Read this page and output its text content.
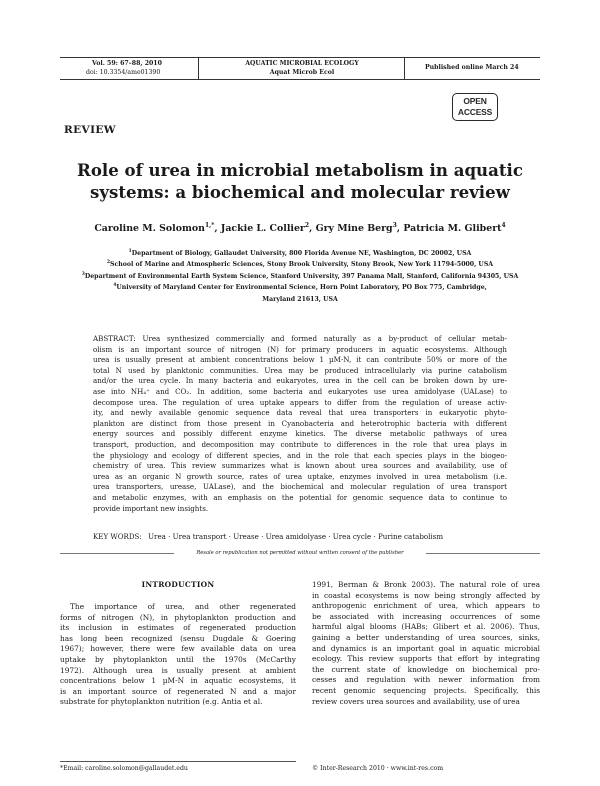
Vol. 59: 67–88, 2010
doi: 10.3354/ame01390
AQUATIC MICROBIAL ECOLOGY
Aquat Microb Ecol
Published online March 24
OPEN
ACCESS
REVIEW
Role of urea in microbial metabolism in aquatic
systems: a biochemical and molecular review
Caroline M. Solomon$^{1,*}$, Jackie L. Collier$^2$, Gry Mine Berg$^3$, Patricia M. Glibert$^4$
$^1$Department of Biology, Gallaudet University, 800 Florida Avenue NE, Washington, DC 20002, USA
$^2$School of Marine and Atmospheric Sciences, Stony Brook University, Stony Brook, New York 11794-5000, USA
$^3$Department of Environmental Earth System Science, Stanford University, 397 Panama Mall, Stanford, California 94305, USA
$^4$University of Maryland Center for Environmental Science, Horn Point Laboratory, PO Box 775, Cambridge,
Maryland 21613, USA
ABSTRACT: Urea synthesized commercially and formed naturally as a by-product of cellular metab-
olism is an important source of nitrogen (N) for primary producers in aquatic ecosystems. Although
urea is usually present at ambient concentrations below 1 µM-N, it can contribute 50% or more of the
total N used by planktonic communities. Urea may be produced intracellularly via purine catabolism
and/or the urea cycle. In many bacteria and eukaryotes, urea in the cell can be broken down by ure-
ase into NH₄⁺ and CO₂. In addition, some bacteria and eukaryotes use urea amidolyase (UALase) to
decompose urea. The regulation of urea uptake appears to differ from the regulation of urease activ-
ity, and newly available genomic sequence data reveal that urea transporters in eukaryotic phyto-
plankton are distinct from those present in Cyanobacteria and heterotrophic bacteria with different
energy sources and possibly different enzyme kinetics. The diverse metabolic pathways of urea
transport, production, and decomposition may contribute to differences in the role that urea plays in
the physiology and ecology of different species, and in the role that each species plays in the biogeo-
chemistry of urea. This review summarizes what is known about urea sources and availability, use of
urea as an organic N growth source, rates of urea uptake, enzymes involved in urea metabolism (i.e.
urea transporters, urease, UALase), and the biochemical and molecular regulation of urea transport
and metabolic enzymes, with an emphasis on the potential for genomic sequence data to continue to
provide important new insights.
KEY WORDS: Urea · Urea transport · Urease · Urea amidolyase · Urea cycle · Purine catabolism
Resale or republication not permitted without written consent of the publisher
INTRODUCTION
The importance of urea, and other regenerated
forms of nitrogen (N), in phytoplankton production and
its inclusion in estimates of regenerated production
has long been recognized (sensu Dugdale & Goering
1967); however, there were few available data on urea
uptake by phytoplankton until the 1970s (McCarthy
1972). Although urea is usually present at ambient
concentrations below 1 µM-N in aquatic ecosystems, it
is an important source of regenerated N and a major
substrate for phytoplankton nutrition (e.g. Antia et al.
1991, Berman & Bronk 2003). The natural role of urea
in coastal ecosystems is now being strongly affected by
anthropogenic enrichment of urea, which appears to
be associated with increasing occurrences of some
harmful algal blooms (HABs; Glibert et al. 2006). Thus,
gaining a better understanding of urea sources, sinks,
and dynamics is an important goal in aquatic microbial
ecology. This review supports that effort by integrating
the current state of knowledge on biochemical pro-
cesses and regulation with newer information from
recent genomic sequencing projects. Specifically, this
review covers urea sources and availability, use of urea
*Email: caroline.solomon@gallaudet.edu	© Inter-Research 2010 · www.int-res.com
